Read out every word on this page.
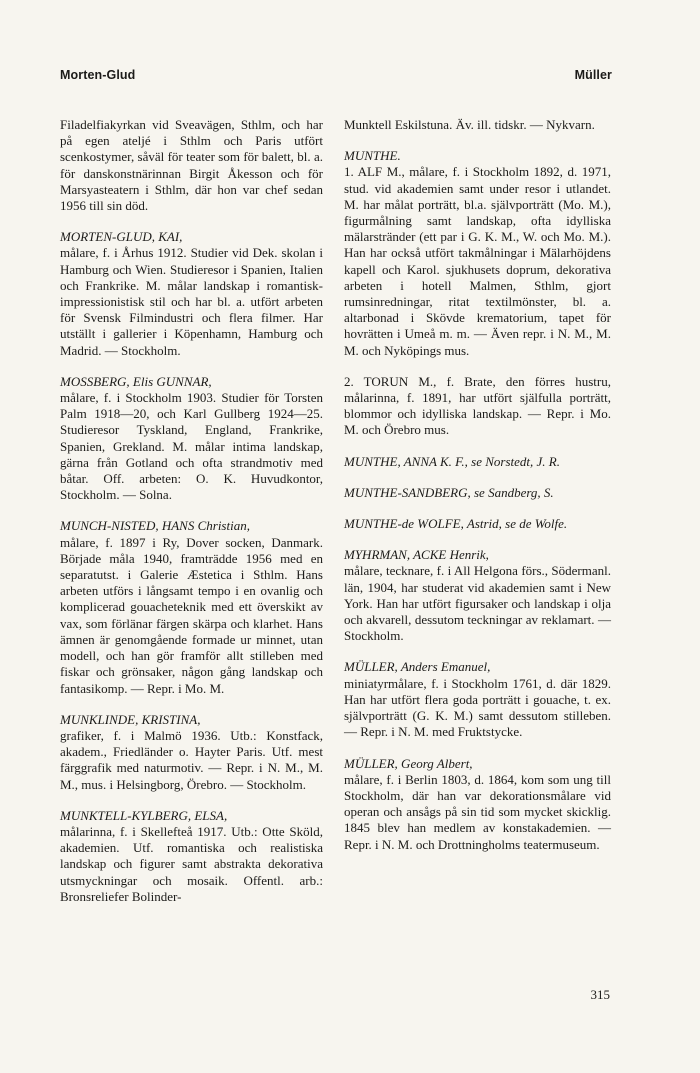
Morten-Glud	Müller

Filadelfiakyrkan vid Sveavägen, Sthlm, och har på egen atelјé i Sthlm och Paris utfört scenkostymer, såväl för teater som för balett, bl. a. för danskonstnärinnan Birgit Åkesson och för Marsyasteatern i Sthlm, där hon var chef sedan 1956 till sin död.

MORTEN-GLUD, KAI,
målare, f. i Århus 1912. Studier vid Dek. skolan i Hamburg och Wien. Studieresor i Spanien, Italien och Frankrike. M. målar landskap i romantisk-impressionistisk stil och har bl. a. utfört arbeten för Svensk Filmindustri och flera filmer. Har utställt i gallerier i Köpenhamn, Hamburg och Madrid. — Stockholm.

MOSSBERG, Elis GUNNAR,
målare, f. i Stockholm 1903. Studier för Torsten Palm 1918—20, och Karl Gullberg 1924—25. Studieresor Tyskland, England, Frankrike, Spanien, Grekland. M. målar intima landskap, gärna från Gotland och ofta strandmotiv med båtar. Off. arbeten: O. K. Huvudkontor, Stockholm. — Solna.

MUNCH-NISTED, HANS Christian,
målare, f. 1897 i Ry, Dover socken, Danmark. Började måla 1940, framträdde 1956 med en separatutst. i Galerie Æstetica i Sthlm. Hans arbeten utförs i långsamt tempo i en ovanlig och komplicerad gouacheteknik med ett överskikt av vax, som förlänar färgen skärpa och klarhet. Hans ämnen är genomgående formade ur minnet, utan modell, och han gör framför allt stilleben med fiskar och grönsaker, någon gång landskap och fantasikomp. — Repr. i Mo. M.

MUNKLINDE, KRISTINA,
grafiker, f. i Malmö 1936. Utb.: Konstfack, akadem., Friedländer o. Hayter Paris. Utf. mest färggrafik med naturmotiv. — Repr. i N. M., M. M., mus. i Helsingborg, Örebro. — Stockholm.

MUNKTELL-KYLBERG, ELSA,
målarinna, f. i Skellefteå 1917. Utb.: Otte Sköld, akademien. Utf. romantiska och realistiska landskap och figurer samt abstrakta dekorativa utsmyckningar och mosaik. Offentl. arb.: Bronsreliefer Bolinder-

Munktell Eskilstuna. Äv. ill. tidskr. — Nykvarn.

MUNTHE.
1. ALF M., målare, f. i Stockholm 1892, d. 1971, stud. vid akademien samt under resor i utlandet. M. har målat porträtt, bl.a. självporträtt (Mo. M.), figurmålning samt landskap, ofta idylliska mälarstränder (ett par i G. K. M., W. och Mo. M.). Han har också utfört takmålningar i Mälarhöjdens kapell och Karol. sjukhusets doprum, dekorativa arbeten i hotell Malmen, Sthlm, gjort rumsinredningar, ritat textilmönster, bl. a. altarbonad i Skövde krematorium, tapet för hovrätten i Umeå m. m. — Även repr. i N. M., M. M. och Nyköpings mus.

2. TORUN M., f. Brate, den förres hustru, målarinna, f. 1891, har utfört själfulla porträtt, blommor och idylliska landskap. — Repr. i Mo. M. och Örebro mus.

MUNTHE, ANNA K. F., se Norstedt, J. R.

MUNTHE-SANDBERG, se Sandberg, S.

MUNTHE-de WOLFE, Astrid, se de Wolfe.

MYHRMAN, ACKE Henrik,
målare, tecknare, f. i All Helgona förs., Södermanl. län, 1904, har studerat vid akademien samt i New York. Han har utfört figursaker och landskap i olja och akvarell, dessutom teckningar av reklamart. — Stockholm.

MÜLLER, Anders Emanuel,
miniatyrmålare, f. i Stockholm 1761, d. där 1829. Han har utfört flera goda porträtt i gouache, t. ex. självporträtt (G. K. M.) samt dessutom stilleben. — Repr. i N. M. med Fruktstycke.

MÜLLER, Georg Albert,
målare, f. i Berlin 1803, d. 1864, kom som ung till Stockholm, där han var dekorationsmålare vid operan och ansågs på sin tid som mycket skicklig. 1845 blev han medlem av konstakademien. — Repr. i N. M. och Drottningholms teatermuseum.

315
